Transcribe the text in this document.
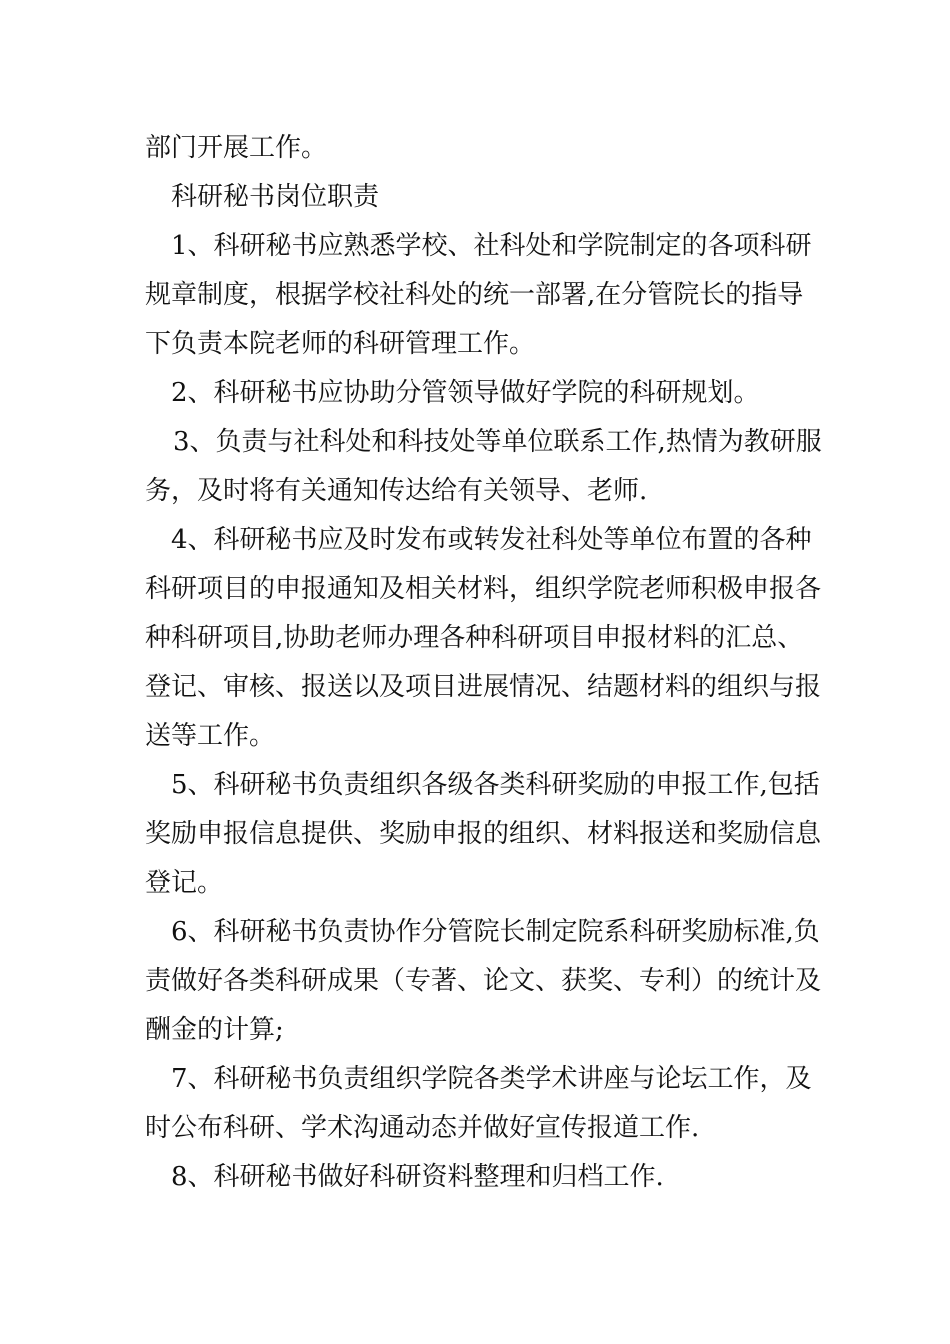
部门开展工作。

科研秘书岗位职责

1、科研秘书应熟悉学校、社科处和学院制定的各项科研规章制度，根据学校社科处的统一部署,在分管院长的指导下负责本院老师的科研管理工作。

2、科研秘书应协助分管领导做好学院的科研规划。

3、负责与社科处和科技处等单位联系工作,热情为教研服务，及时将有关通知传达给有关领导、老师.

4、科研秘书应及时发布或转发社科处等单位布置的各种科研项目的申报通知及相关材料，组织学院老师积极申报各种科研项目,协助老师办理各种科研项目申报材料的汇总、登记、审核、报送以及项目进展情况、结题材料的组织与报送等工作。

5、科研秘书负责组织各级各类科研奖励的申报工作,包括奖励申报信息提供、奖励申报的组织、材料报送和奖励信息登记。

6、科研秘书负责协作分管院长制定院系科研奖励标准,负责做好各类科研成果（专著、论文、获奖、专利）的统计及酬金的计算;

7、科研秘书负责组织学院各类学术讲座与论坛工作，及时公布科研、学术沟通动态并做好宣传报道工作.

8、科研秘书做好科研资料整理和归档工作.
